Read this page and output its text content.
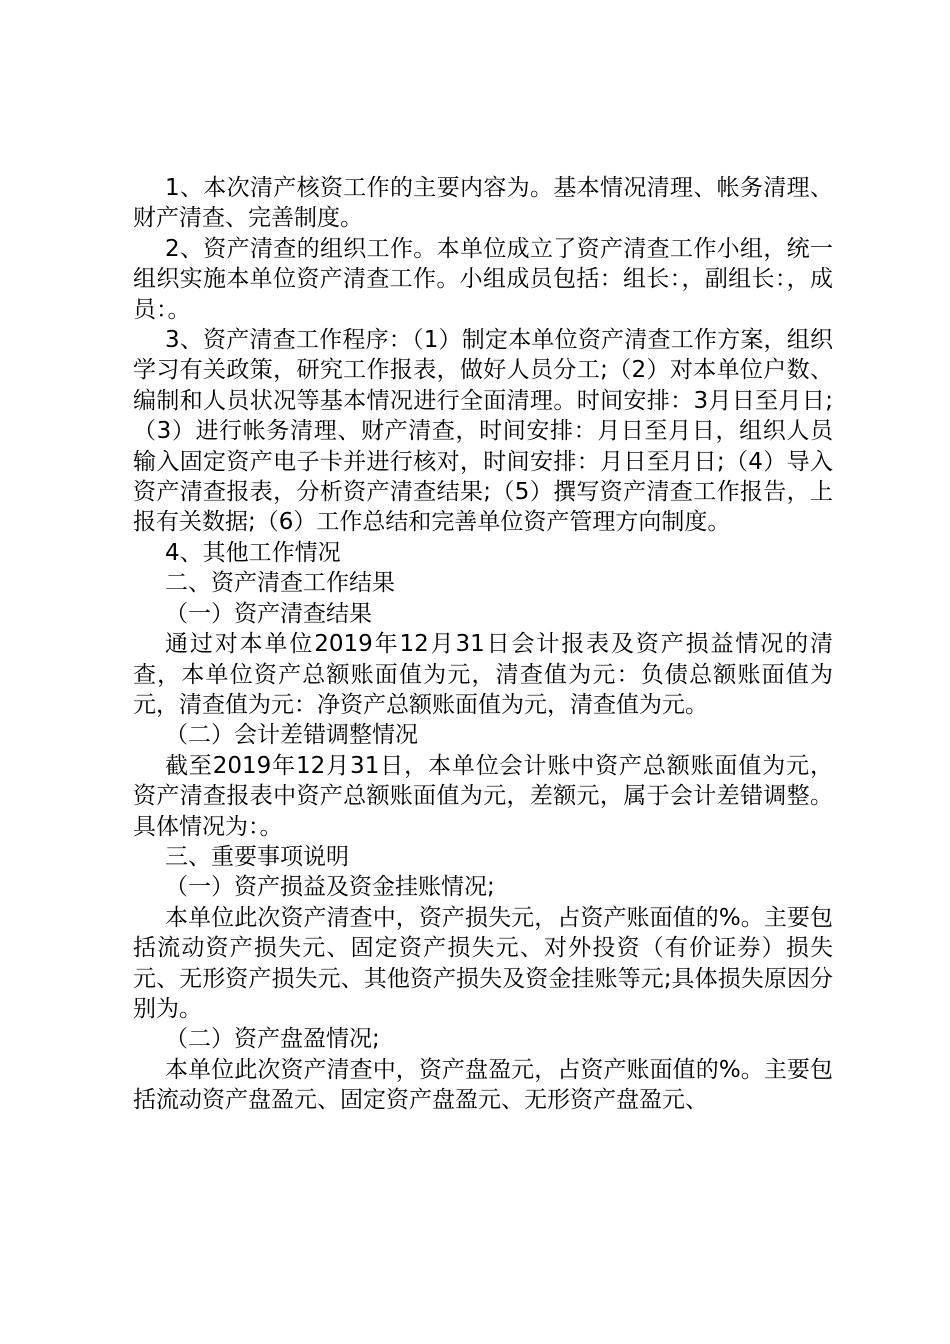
1、本次清产核资工作的主要内容为。基本情况清理、帐务清理、财产清查、完善制度。

2、资产清查的组织工作。本单位成立了资产清查工作小组，统一组织实施本单位资产清查工作。小组成员包括：组长：，副组长：，成员：。

3、资产清查工作程序：（1）制定本单位资产清查工作方案，组织学习有关政策，研究工作报表，做好人员分工;（2）对本单位户数、编制和人员状况等基本情况进行全面清理。时间安排：3月日至月日;（3）进行帐务清理、财产清查，时间安排：月日至月日，组织人员输入固定资产电子卡并进行核对，时间安排：月日至月日;（4）导入资产清查报表，分析资产清查结果;（5）撰写资产清查工作报告，上报有关数据;（6）工作总结和完善单位资产管理方向制度。

4、其他工作情况

二、资产清查工作结果

（一）资产清查结果

通过对本单位2019年12月31日会计报表及资产损益情况的清查，本单位资产总额账面值为元，清查值为元：负债总额账面值为元，清查值为元：净资产总额账面值为元，清查值为元。

（二）会计差错调整情况

截至2019年12月31日，本单位会计账中资产总额账面值为元，资产清查报表中资产总额账面值为元，差额元，属于会计差错调整。具体情况为：。

三、重要事项说明

（一）资产损益及资金挂账情况;

本单位此次资产清查中，资产损失元，占资产账面值的%。主要包括流动资产损失元、固定资产损失元、对外投资（有价证券）损失元、无形资产损失元、其他资产损失及资金挂账等元;具体损失原因分别为。

（二）资产盘盈情况;

本单位此次资产清查中，资产盘盈元，占资产账面值的%。主要包括流动资产盘盈元、固定资产盘盈元、无形资产盘盈元、
